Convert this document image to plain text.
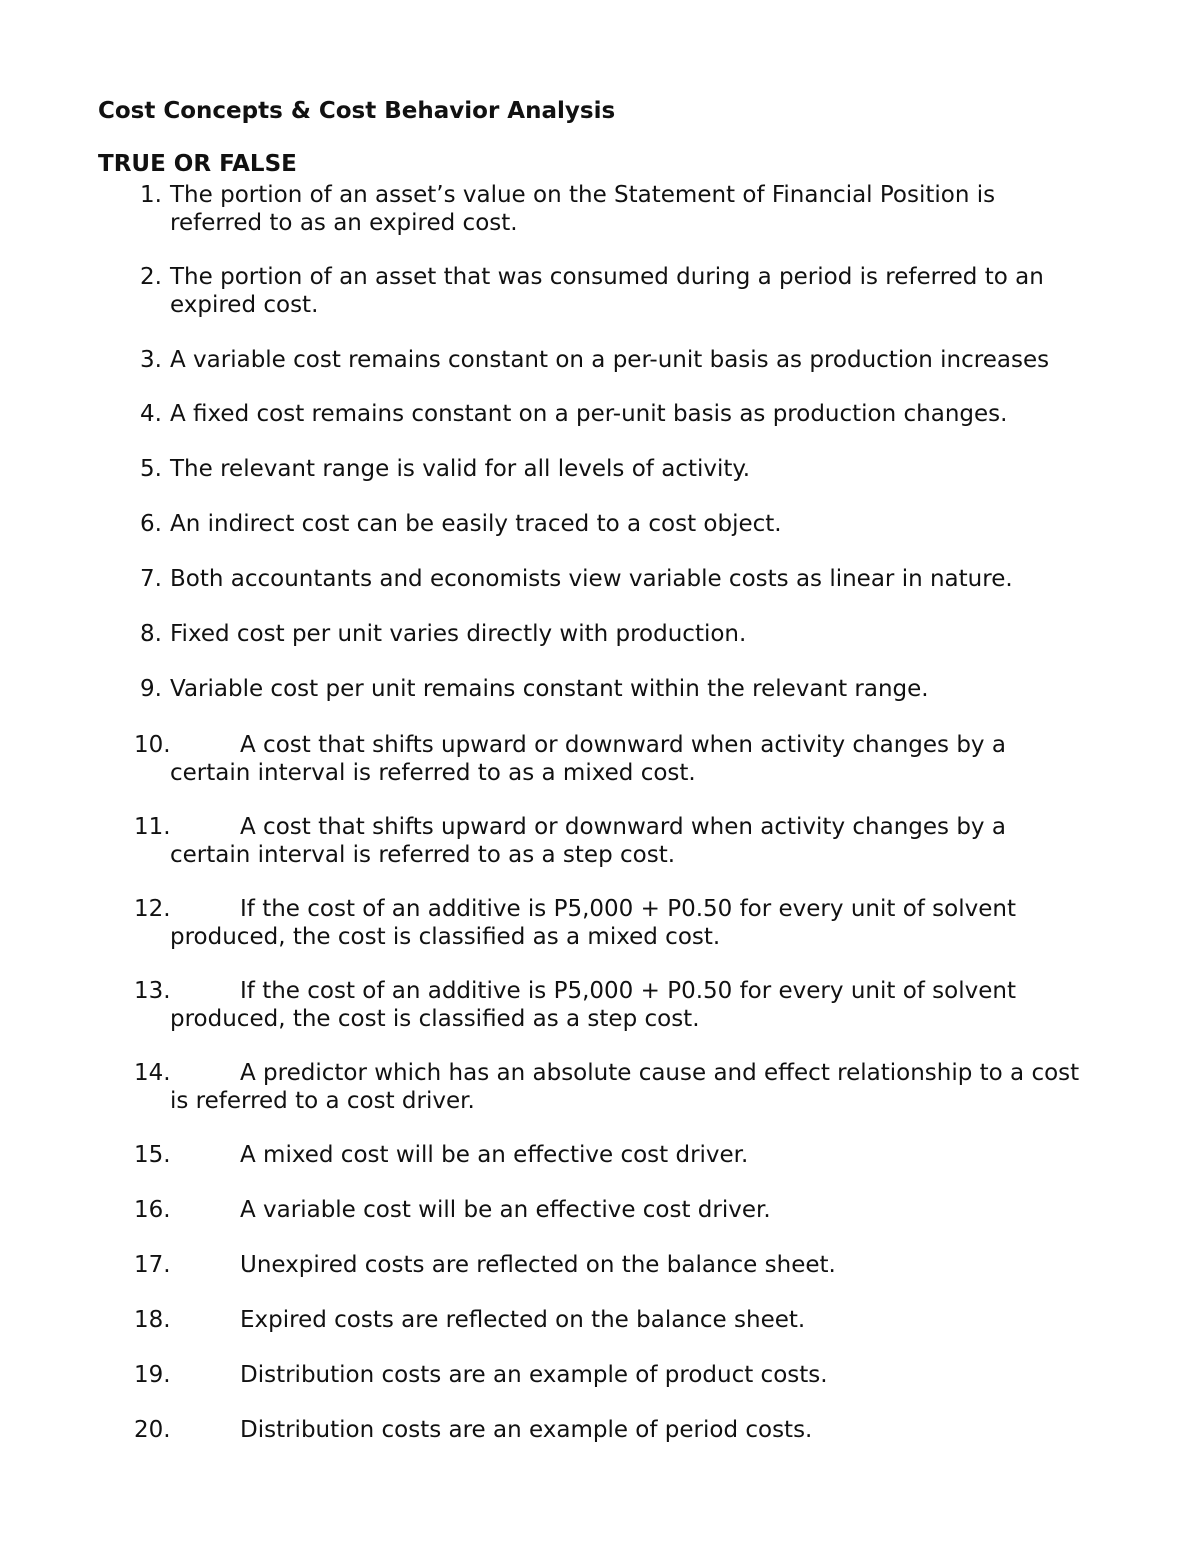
Cost Concepts & Cost Behavior Analysis
TRUE OR FALSE
1. The portion of an asset’s value on the Statement of Financial Position is
referred to as an expired cost.
2. The portion of an asset that was consumed during a period is referred to an
expired cost.
3. A variable cost remains constant on a per-unit basis as production increases
4. A fixed cost remains constant on a per-unit basis as production changes.
5. The relevant range is valid for all levels of activity.
6. An indirect cost can be easily traced to a cost object.
7. Both accountants and economists view variable costs as linear in nature.
8. Fixed cost per unit varies directly with production.
9. Variable cost per unit remains constant within the relevant range.
10.	A cost that shifts upward or downward when activity changes by a
certain interval is referred to as a mixed cost.
11.	A cost that shifts upward or downward when activity changes by a
certain interval is referred to as a step cost.
12.	If the cost of an additive is P5,000 + P0.50 for every unit of solvent
produced, the cost is classified as a mixed cost.
13.	If the cost of an additive is P5,000 + P0.50 for every unit of solvent
produced, the cost is classified as a step cost.
14.	A predictor which has an absolute cause and effect relationship to a cost
is referred to a cost driver.
15.	A mixed cost will be an effective cost driver.
16.	A variable cost will be an effective cost driver.
17.	Unexpired costs are reflected on the balance sheet.
18.	Expired costs are reflected on the balance sheet.
19.	Distribution costs are an example of product costs.
20.	Distribution costs are an example of period costs.
